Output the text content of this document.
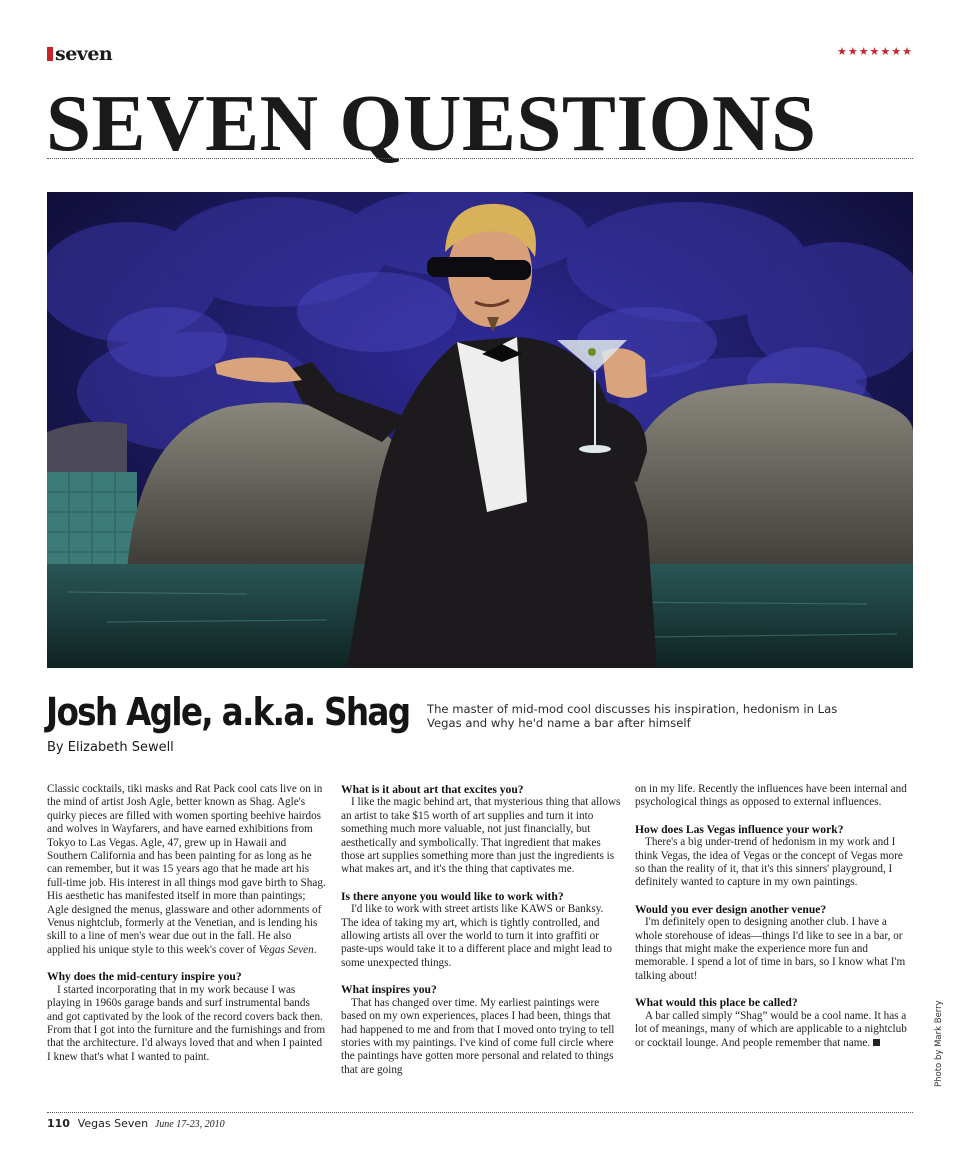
seven	★★★★★★★
SEVEN QUESTIONS
Josh Agle, a.k.a. Shag The master of mid-mod cool discusses his inspiration, hedonism in Las Vegas and why he'd name a bar after himself
By Elizabeth Sewell

Classic cocktails, tiki masks and Rat Pack cool cats live on in the mind of artist Josh Agle, better known as Shag. Agle's quirky pieces are filled with women sporting beehive hairdos and wolves in Wayfarers, and have earned exhibitions from Tokyo to Las Vegas. Agle, 47, grew up in Hawaii and Southern California and has been painting for as long as he can remember, but it was 15 years ago that he made art his full-time job. His interest in all things mod gave birth to Shag. His aesthetic has manifested itself in more than paintings; Agle designed the menus, glassware and other adornments of Venus nightclub, formerly at the Venetian, and is lending his skill to a line of men's wear due out in the fall. He also applied his unique style to this week's cover of Vegas Seven.

Why does the mid-century inspire you?

I started incorporating that in my work because I was playing in 1960s garage bands and surf instrumental bands and got captivated by the look of the record covers back then. From that I got into the furniture and the furnishings and from that the architecture. I'd always loved that and when I painted I knew that's what I wanted to paint.

What is it about art that excites you?

I like the magic behind art, that mysterious thing that allows an artist to take $15 worth of art supplies and turn it into something much more valuable, not just financially, but aesthetically and symbolically. That ingredient that makes those art supplies something more than just the ingredients is what makes art, and it's the thing that captivates me.

Is there anyone you would like to work with?

I'd like to work with street artists like KAWS or Banksy. The idea of taking my art, which is tightly controlled, and allowing artists all over the world to turn it into graffiti or paste-ups would take it to a different place and might lead to some unexpected things.

What inspires you?

That has changed over time. My earliest paintings were based on my own experiences, places I had been, things that had happened to me and from that I moved onto trying to tell stories with my paintings. I've kind of come full circle where the paintings have gotten more personal and related to things that are going

on in my life. Recently the influences have been internal and psychological things as opposed to external influences.

How does Las Vegas influence your work?

There's a big under-trend of hedonism in my work and I think Vegas, the idea of Vegas or the concept of Vegas more so than the reality of it, that it's this sinners' playground, I definitely wanted to capture in my own paintings.

Would you ever design another venue?

I'm definitely open to designing another club. I have a whole storehouse of ideas—things I'd like to see in a bar, or things that might make the experience more fun and memorable. I spend a lot of time in bars, so I know what I'm talking about!

What would this place be called?

A bar called simply “Shag” would be a cool name. It has a lot of meanings, many of which are applicable to a nightclub or cocktail lounge. And people remember that name.	Photo by Mark Berry
110 Vegas Seven June 17-23, 2010
